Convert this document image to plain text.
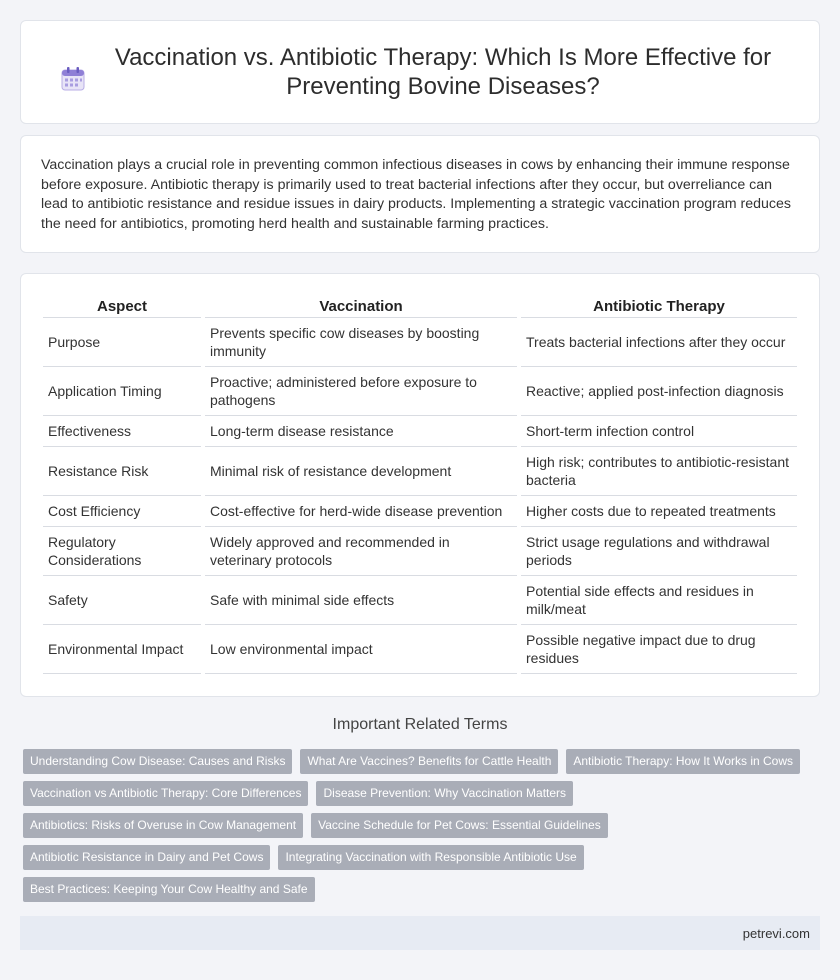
Vaccination vs. Antibiotic Therapy: Which Is More Effective for Preventing Bovine Diseases?

Vaccination plays a crucial role in preventing common infectious diseases in cows by enhancing their immune response before exposure. Antibiotic therapy is primarily used to treat bacterial infections after they occur, but overreliance can lead to antibiotic resistance and residue issues in dairy products. Implementing a strategic vaccination program reduces the need for antibiotics, promoting herd health and sustainable farming practices.

Aspect	Vaccination	Antibiotic Therapy
Purpose	Prevents specific cow diseases by boosting immunity	Treats bacterial infections after they occur
Application Timing	Proactive; administered before exposure to pathogens	Reactive; applied post-infection diagnosis
Effectiveness	Long-term disease resistance	Short-term infection control
Resistance Risk	Minimal risk of resistance development	High risk; contributes to antibiotic-resistant bacteria
Cost Efficiency	Cost-effective for herd-wide disease prevention	Higher costs due to repeated treatments
Regulatory Considerations	Widely approved and recommended in veterinary protocols	Strict usage regulations and withdrawal periods
Safety	Safe with minimal side effects	Potential side effects and residues in milk/meat
Environmental Impact	Low environmental impact	Possible negative impact due to drug residues
Important Related Terms
Understanding Cow Disease: Causes and Risks	What Are Vaccines? Benefits for Cattle Health	Antibiotic Therapy: How It Works in Cows
Vaccination vs Antibiotic Therapy: Core Differences	Disease Prevention: Why Vaccination Matters
Antibiotics: Risks of Overuse in Cow Management	Vaccine Schedule for Pet Cows: Essential Guidelines
Antibiotic Resistance in Dairy and Pet Cows	Integrating Vaccination with Responsible Antibiotic Use
Best Practices: Keeping Your Cow Healthy and Safe
petrevi.com
